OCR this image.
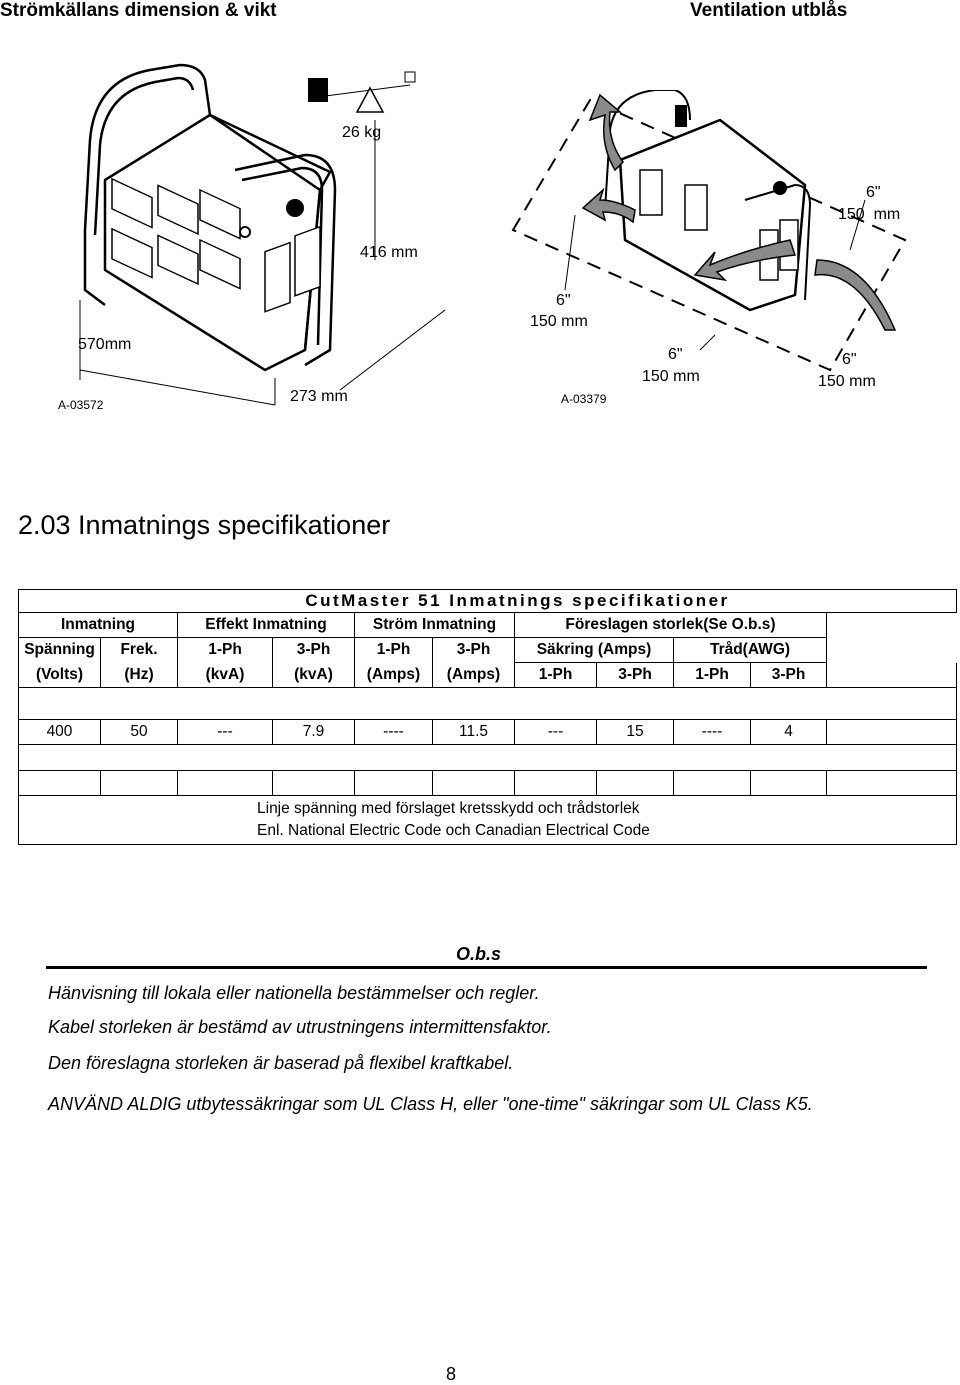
Strömkällans dimension & vikt	Ventilation utblås
26 kg
416 mm
570mm
273 mm
A-03572
6"
150  mm
6"
150 mm
6"
150 mm
6"
150 mm
A-03379
2.03 Inmatnings specifikationer
CutMaster 51 Inmatnings specifikationer										
Inmatning		Effekt Inmatning		Ström Inmatning		Föreslagen storlek(Se O.b.s)				
Spänning	Frek.	1-Ph	3-Ph	1-Ph	3-Ph	Säkring (Amps)		Tråd(AWG)		
(Volts)	(Hz)	(kvA)	(kvA)	(Amps)	(Amps)	1-Ph	3-Ph	1-Ph	3-Ph	

400	50	---	7.9	----	11.5	---	15	----	4	

Linje spänning med förslaget kretsskydd och trådstorlek
Enl. National Electric Code och Canadian Electrical Code										
O.b.s
Hänvisning till lokala eller nationella bestämmelser och regler.
Kabel storleken är bestämd av utrustningens intermittensfaktor.
Den föreslagna storleken är baserad på flexibel kraftkabel.
ANVÄND ALDIG utbytessäkringar som UL Class H, eller "one-time" säkringar som UL Class K5.
8
